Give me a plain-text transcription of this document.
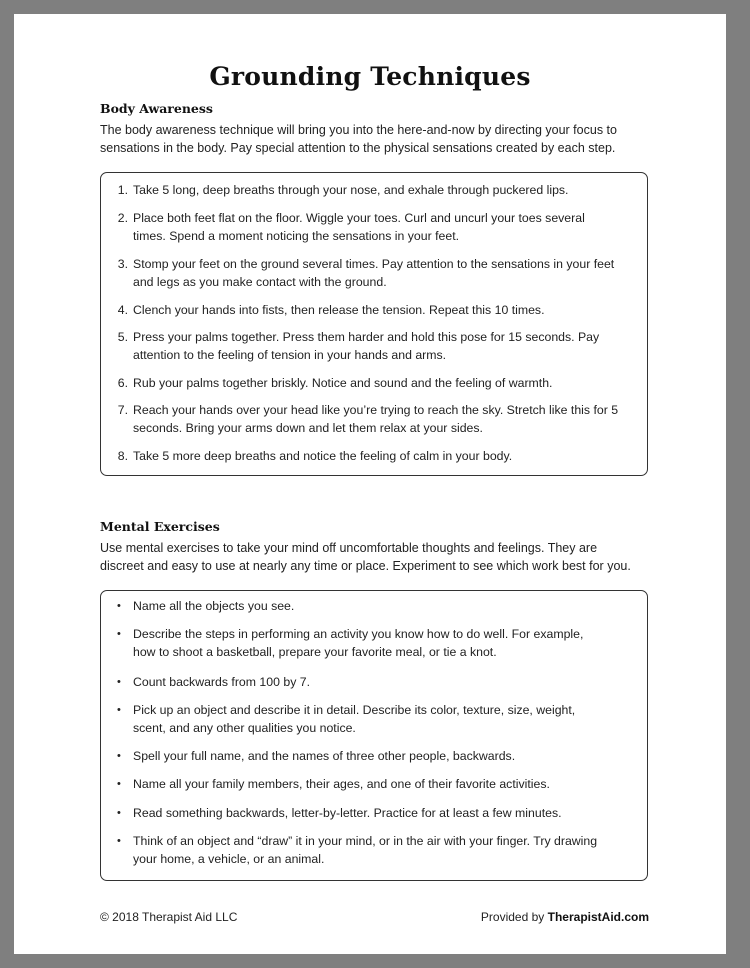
Grounding Techniques
Body Awareness
The body awareness technique will bring you into the here-and-now by directing your focus to
sensations in the body. Pay special attention to the physical sensations created by each step.
1. Take 5 long, deep breaths through your nose, and exhale through puckered lips.
2. Place both feet flat on the floor. Wiggle your toes. Curl and uncurl your toes several
times. Spend a moment noticing the sensations in your feet.
3. Stomp your feet on the ground several times. Pay attention to the sensations in your feet
and legs as you make contact with the ground.
4. Clench your hands into fists, then release the tension. Repeat this 10 times.
5. Press your palms together. Press them harder and hold this pose for 15 seconds. Pay
attention to the feeling of tension in your hands and arms.
6. Rub your palms together briskly. Notice and sound and the feeling of warmth.
7. Reach your hands over your head like you’re trying to reach the sky. Stretch like this for 5
seconds. Bring your arms down and let them relax at your sides.
8. Take 5 more deep breaths and notice the feeling of calm in your body.
Mental Exercises
Use mental exercises to take your mind off uncomfortable thoughts and feelings. They are
discreet and easy to use at nearly any time or place. Experiment to see which work best for you.
• Name all the objects you see.
• Describe the steps in performing an activity you know how to do well. For example,
how to shoot a basketball, prepare your favorite meal, or tie a knot.
• Count backwards from 100 by 7.
• Pick up an object and describe it in detail. Describe its color, texture, size, weight,
scent, and any other qualities you notice.
• Spell your full name, and the names of three other people, backwards.
• Name all your family members, their ages, and one of their favorite activities.
• Read something backwards, letter-by-letter. Practice for at least a few minutes.
• Think of an object and “draw” it in your mind, or in the air with your finger. Try drawing
your home, a vehicle, or an animal.
© 2018 Therapist Aid LLC	Provided by TherapistAid.com
